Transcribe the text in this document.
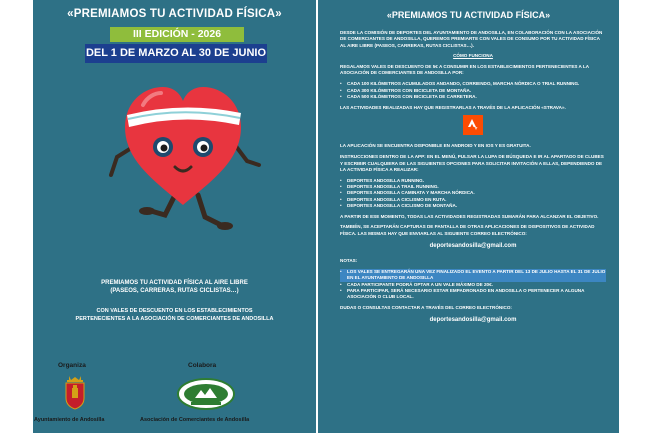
«PREMIAMOS TU ACTIVIDAD FÍSICA»
III EDICIÓN - 2026
DEL 1 DE MARZO AL 30 DE JUNIO
PREMIAMOS TU ACTIVIDAD FÍSICA AL AIRE LIBRE
(PASEOS, CARRERAS, RUTAS CICLISTAS…)
CON VALES DE DESCUENTO EN LOS ESTABLECIMIENTOS
PERTENECIENTES A LA ASOCIACIÓN DE COMERCIANTES DE ANDOSILLA
Organiza	Colabora
Ayuntamiento de Andosilla	Asociación de Comerciantes de Andosilla
«PREMIAMOS TU ACTIVIDAD FÍSICA»

DESDE LA COMISIÓN DE DEPORTES DEL AYUNTAMIENTO DE ANDOSILLA, EN COLABORACIÓN CON LA ASOCIACIÓN DE COMERCIANTES DE ANDOSILLA, QUEREMOS PREMIARTE CON VALES DE CONSUMO POR TU ACTIVIDAD FÍSICA AL AIRE LIBRE (PASEOS, CARRERAS, RUTAS CICLISTAS…).

CÓMO FUNCIONA

REGALAMOS VALES DE DESCUENTO DE 5€ A CONSUMIR EN LOS ESTABLECIMIENTOS PERTENECIENTES A LA ASOCIACIÓN DE COMERCIANTES DE ANDOSILLA POR:

• CADA 100 KILÓMETROS ACUMULADOS ANDANDO, CORRIENDO, MARCHA NÓRDICA O TRIAL RUNNING.
• CADA 300 KILÓMETROS CON BICICLETA DE MONTAÑA.
• CADA 500 KILÓMETROS CON BICICLETA DE CARRETERA.

LAS ACTIVIDADES REALIZADAS HAY QUE REGISTRARLAS A TRAVÉS DE LA APLICACIÓN «STRAVA».

LA APLICACIÓN SE ENCUENTRA DISPONIBLE EN ANDROID Y EN IOS Y ES GRATUITA.

INSTRUCCIONES DENTRO DE LA APP: EN EL MENÚ, PULSAR LA LUPA DE BÚSQUEDA E IR AL APARTADO DE CLUBES Y ESCRIBIR CUALQUIERA DE LAS SIGUIENTES OPCIONES PARA SOLICITAR INVITACIÓN A ELLAS, DEPENDIENDO DE LA ACTIVIDAD FÍSICA A REALIZAR:

• DEPORTES ANDOSILLA RUNNING.
• DEPORTES ANDOSILLA TRAIL RUNNING.
• DEPORTES ANDOSILLA CAMINATA Y MARCHA NÓRDICA.
• DEPORTES ANDOSILLA CICLISMO EN RUTA.
• DEPORTES ANDOSILLA CICLISMO DE MONTAÑA.

A PARTIR DE ESE MOMENTO, TODAS LAS ACTIVIDADES REGISTRADAS SUMARÁN PARA ALCANZAR EL OBJETIVO.

TAMBIÉN, SE ACEPTARÁN CAPTURAS DE PANTALLA DE OTRAS APLICACIONES DE DISPOSITIVOS DE ACTIVIDAD FÍSICA. LAS MISMAS HAY QUE ENVIARLAS AL SIGUIENTE CORREO ELECTRÓNICO:

deportesandosilla@gmail.com

NOTAS:

• LOS VALES SE ENTREGARÁN UNA VEZ FINALIZADO EL EVENTO A PARTIR DEL 13 DE JULIO HASTA EL 31 DE JULIO EN EL AYUNTAMIENTO DE ANDOSILLA
• CADA PARTICIPANTE PODRÁ OPTAR A UN VALE MÁXIMO DE 20€.
• PARA PARTICIPAR, SERÁ NECESARIO ESTAR EMPADRONADO EN ANDOSILLA O PERTENECER A ALGUNA ASOCIACIÓN O CLUB LOCAL.

DUDAS O CONSULTAS CONTACTAR A TRAVÉS DEL CORREO ELECTRÓNICO:

deportesandosilla@gmail.com
